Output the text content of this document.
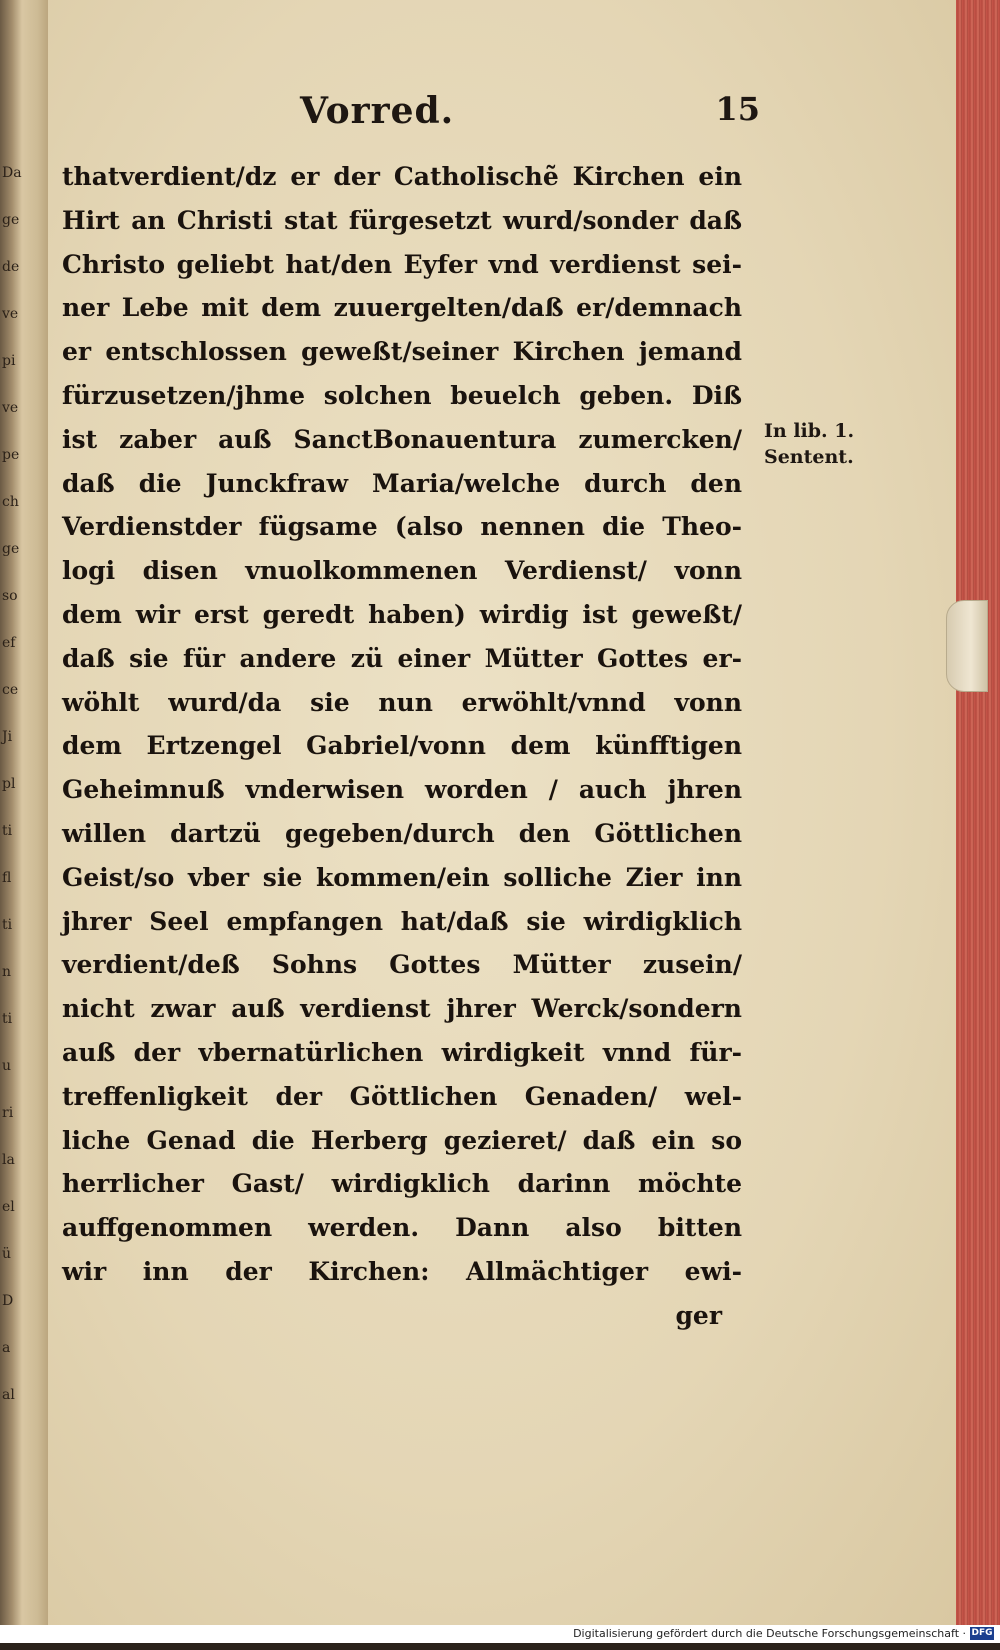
Da
ge
de
ve
pi
ve
pe
ch
ge
so
ef
ce
Ji
pl
ti
fl
ti
n
ti
u
ri
la
el
ü
D
a
al
Vorred.	15
thatverdient/dz er der Catholischẽ Kirchen ein
Hirt an Christi stat fürgesetzt wurd/sonder daß
Christo geliebt hat/den Eyfer vnd verdienst sei-
ner Lebe mit dem zuuergelten/daß er/demnach
er entschlossen geweßt/seiner Kirchen jemand
fürzusetzen/jhme solchen beuelch geben. Diß
ist zaber auß SanctBonauentura zumercken/
daß die Junckfraw Maria/welche durch den
Verdienstder fügsame (also nennen die Theo-
logi disen vnuolkommenen Verdienst/ vonn
dem wir erst geredt haben) wirdig ist geweßt/
daß sie für andere zü einer Mütter Gottes er-
wöhlt wurd/da sie nun erwöhlt/vnnd vonn
dem Ertzengel Gabriel/vonn dem künfftigen
Geheimnuß vnderwisen worden / auch jhren
willen dartzü gegeben/durch den Göttlichen
Geist/so vber sie kommen/ein solliche Zier inn
jhrer Seel empfangen hat/daß sie wirdigklich
verdient/deß Sohns Gottes Mütter zusein/
nicht zwar auß verdienst jhrer Werck/sondern
auß der vbernatürlichen wirdigkeit vnnd für-
treffenligkeit der Göttlichen Genaden/ wel-
liche Genad die Herberg gezieret/ daß ein so
herrlicher Gast/ wirdigklich darinn möchte
auffgenommen werden. Dann also bitten
wir inn der Kirchen: Allmächtiger ewi-
ger
In lib. 1.
Sentent.
Digitalisierung gefördert durch die Deutsche Forschungsgemeinschaft · DFG
